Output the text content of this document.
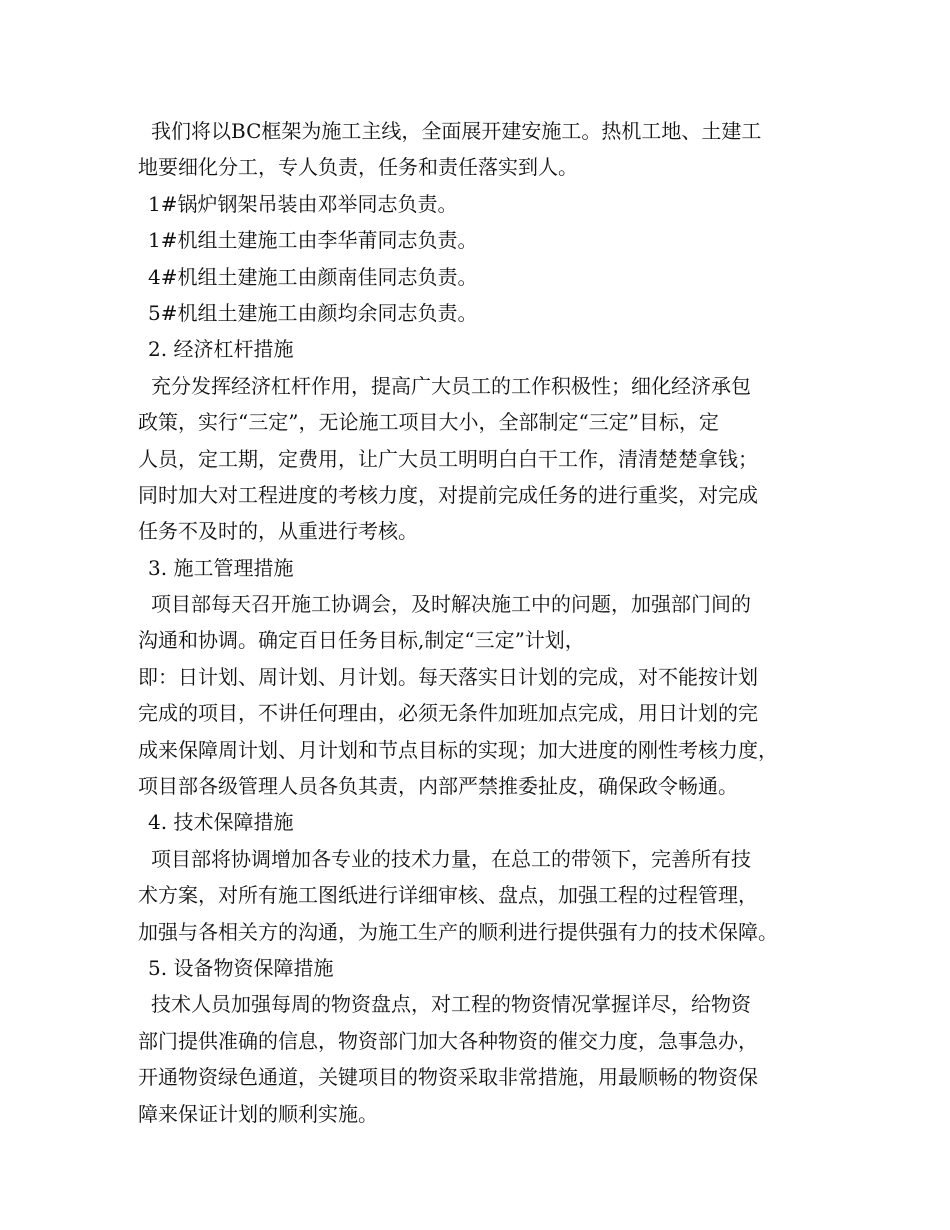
我们将以BC框架为施工主线，全面展开建安施工。热机工地、土建工

地要细化分工，专人负责，任务和责任落实到人。

1#锅炉钢架吊装由邓举同志负责。

1#机组土建施工由李华莆同志负责。

4#机组土建施工由颜南佳同志负责。

5#机组土建施工由颜均余同志负责。

2. 经济杠杆措施

充分发挥经济杠杆作用，提高广大员工的工作积极性；细化经济承包

政策，实行“三定”，无论施工项目大小，全部制定“三定”目标，定

人员，定工期，定费用，让广大员工明明白白干工作，清清楚楚拿钱；

同时加大对工程进度的考核力度，对提前完成任务的进行重奖，对完成

任务不及时的，从重进行考核。

3. 施工管理措施

项目部每天召开施工协调会，及时解决施工中的问题，加强部门间的

沟通和协调。确定百日任务目标,制定“三定”计划，

即：日计划、周计划、月计划。每天落实日计划的完成，对不能按计划

完成的项目，不讲任何理由，必须无条件加班加点完成，用日计划的完

成来保障周计划、月计划和节点目标的实现；加大进度的刚性考核力度，

项目部各级管理人员各负其责，内部严禁推委扯皮，确保政令畅通。

4. 技术保障措施

项目部将协调增加各专业的技术力量，在总工的带领下，完善所有技

术方案，对所有施工图纸进行详细审核、盘点，加强工程的过程管理，

加强与各相关方的沟通，为施工生产的顺利进行提供强有力的技术保障。

5. 设备物资保障措施

技术人员加强每周的物资盘点，对工程的物资情况掌握详尽，给物资

部门提供准确的信息，物资部门加大各种物资的催交力度，急事急办，

开通物资绿色通道，关键项目的物资采取非常措施，用最顺畅的物资保

障来保证计划的顺利实施。
